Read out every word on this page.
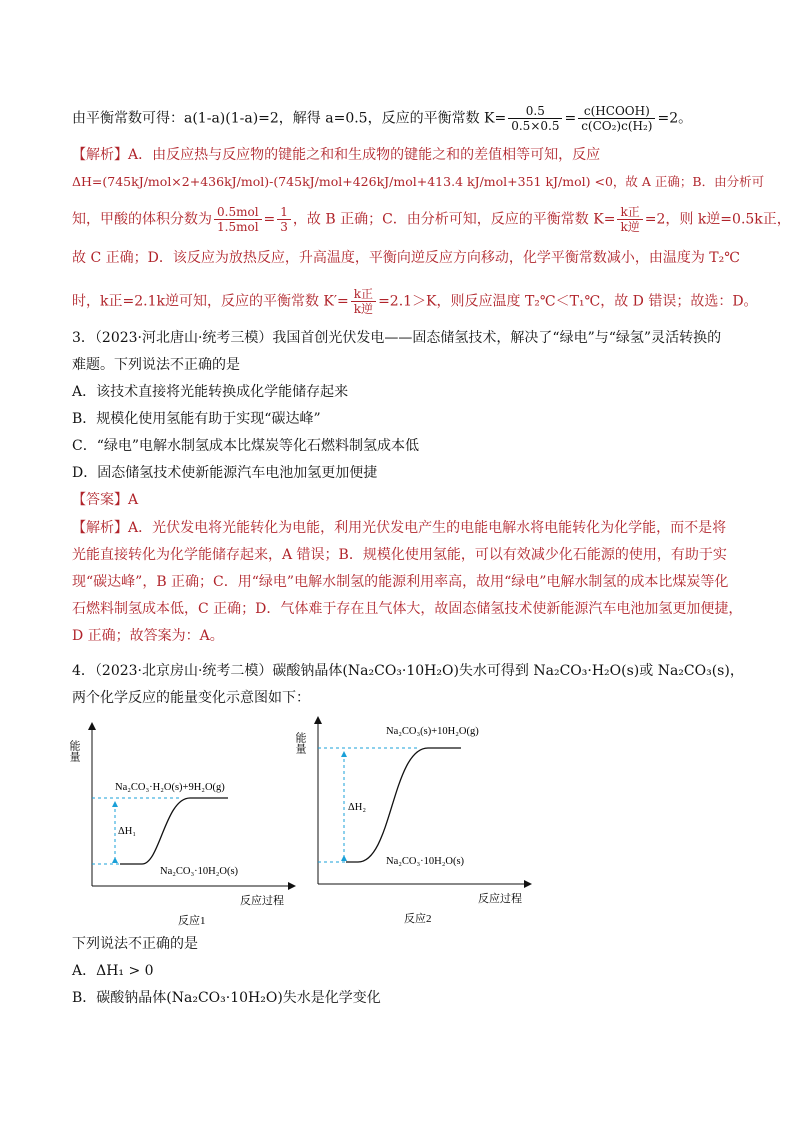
由平衡常数可得：a(1-a)(1-a)=2，解得 a=0.5，反应的平衡常数 $K= \frac{0.5}{0.5\times 0.5} = \frac{\text{c(HCOOH)}}{\text{c(CO₂)c(H₂)}} =2$。
【解析】A．由反应热与反应物的键能之和和生成物的键能之和的差值相等可知，反应
ΔH=(745kJ/mol×2+436kJ/mol)-(745kJ/mol+426kJ/mol+413.4 kJ/mol+351 kJ/mol) <0，故 A 正确；B．由分析可
知，甲酸的体积分数为 $\frac{\text{0.5mol}}{\text{1.5mol}} = \frac{1}{3}$ ，故 B 正确；C．由分析可知，反应的平衡常数 $K= \frac{\text{k正}}{\text{k逆}} =2$，则 k逆=0.5k正，
故 C 正确；D．该反应为放热反应，升高温度，平衡向逆反应方向移动，化学平衡常数减小，由温度为 T₂℃
时，k正=2.1k逆可知，反应的平衡常数 $K'= \frac{\text{k正}}{\text{k逆}} =2.1>K$，则反应温度 T₂℃＜T₁℃，故 D 错误；故选：D。
3．（2023·河北唐山·统考三模）我国首创光伏发电——固态储氢技术，解决了“绿电”与“绿氢”灵活转换的
难题。下列说法不正确的是
A．该技术直接将光能转换成化学能储存起来
B．规模化使用氢能有助于实现“碳达峰”
C．“绿电”电解水制氢成本比煤炭等化石燃料制氢成本低
D．固态储氢技术使新能源汽车电池加氢更加便捷
【答案】A
【解析】A．光伏发电将光能转化为电能，利用光伏发电产生的电能电解水将电能转化为化学能，而不是将
光能直接转化为化学能储存起来，A 错误；B．规模化使用氢能，可以有效减少化石能源的使用，有助于实
现“碳达峰”，B 正确；C．用“绿电”电解水制氢的能源利用率高，故用“绿电”电解水制氢的成本比煤炭等化
石燃料制氢成本低，C 正确；D．气体难于存在且气体大，故固态储氢技术使新能源汽车电池加氢更加便捷，
D 正确；故答案为：A。
4．（2023·北京房山·统考二模）碳酸钠晶体(Na₂CO₃·10H₂O)失水可得到 Na₂CO₃·H₂O(s)或 Na₂CO₃(s)，
两个化学反应的能量变化示意图如下：
能量
反应过程
Na₂CO₃·H₂O(s)+9H₂O(g)
Na₂CO₃·10H₂O(s)
ΔH₁
反应1
能量
反应过程
Na₂CO₃(s)+10H₂O(g)
Na₂CO₃·10H₂O(s)
ΔH₂
反应2
下列说法不正确的是
A．ΔH₁ > 0
B．碳酸钠晶体(Na₂CO₃·10H₂O)失水是化学变化
